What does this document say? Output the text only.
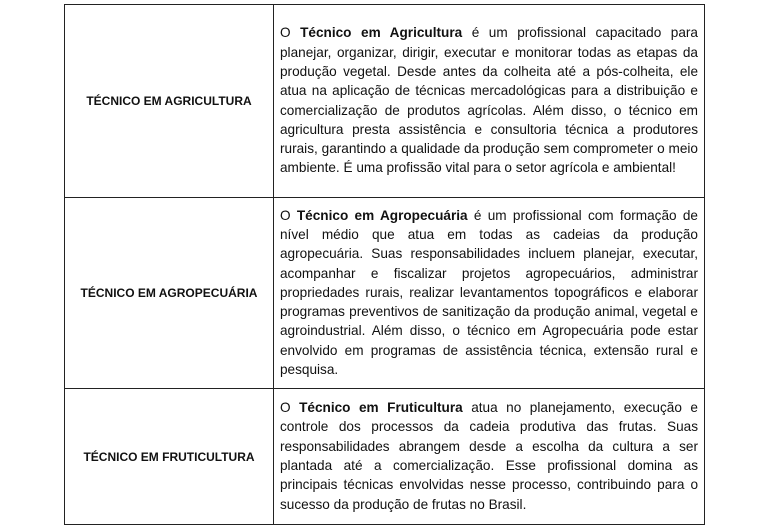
TÉCNICO EM AGRICULTURA	O Técnico em Agricultura é um profissional capacitado para planejar, organizar, dirigir, executar e monitorar todas as etapas da produção vegetal. Desde antes da colheita até a pós-colheita, ele atua na aplicação de técnicas mercadológicas para a distribuição e comercialização de produtos agrícolas. Além disso, o técnico em agricultura presta assistência e consultoria técnica a produtores rurais, garantindo a qualidade da produção sem comprometer o meio ambiente. É uma profissão vital para o setor agrícola e ambiental!
TÉCNICO EM AGROPECUÁRIA	O Técnico em Agropecuária é um profissional com formação de nível médio que atua em todas as cadeias da produção agropecuária. Suas responsabilidades incluem planejar, executar, acompanhar e fiscalizar projetos agropecuários, administrar propriedades rurais, realizar levantamentos topográficos e elaborar programas preventivos de sanitização da produção animal, vegetal e agroindustrial. Além disso, o técnico em Agropecuária pode estar envolvido em programas de assistência técnica, extensão rural e pesquisa.
TÉCNICO EM FRUTICULTURA	O Técnico em Fruticultura atua no planejamento, execução e controle dos processos da cadeia produtiva das frutas. Suas responsabilidades abrangem desde a escolha da cultura a ser plantada até a comercialização. Esse profissional domina as principais técnicas envolvidas nesse processo, contribuindo para o sucesso da produção de frutas no Brasil.
